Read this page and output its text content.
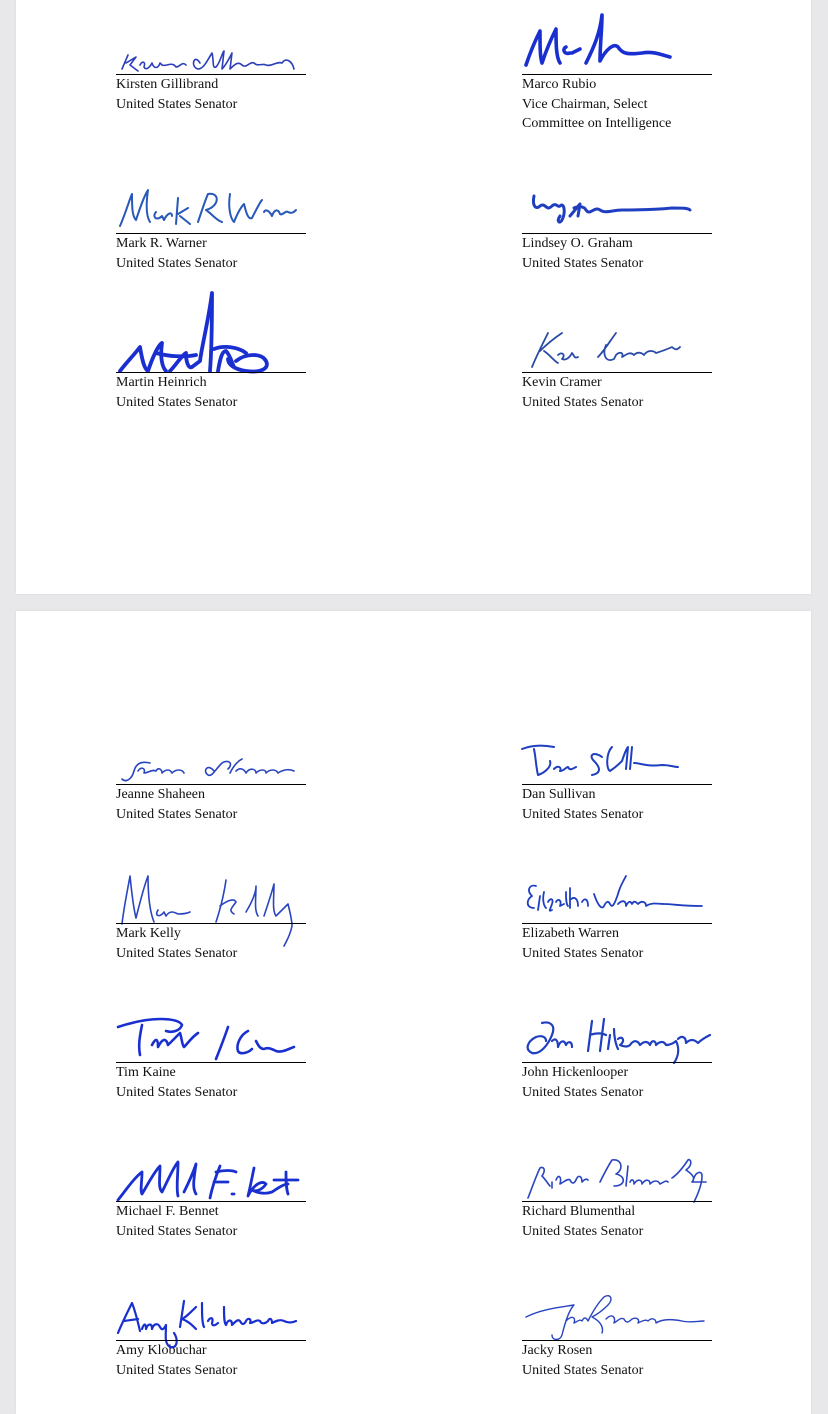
Kirsten Gillibrand
United States Senator
Marco Rubio
Vice Chairman, Select
Committee on Intelligence
Mark R. Warner
United States Senator
Lindsey O. Graham
United States Senator
Martin Heinrich
United States Senator
Kevin Cramer
United States Senator
Jeanne Shaheen
United States Senator
Dan Sullivan
United States Senator
Mark Kelly
United States Senator
Elizabeth Warren
United States Senator
Tim Kaine
United States Senator
John Hickenlooper
United States Senator
Michael F. Bennet
United States Senator
Richard Blumenthal
United States Senator
Amy Klobuchar
United States Senator
Jacky Rosen
United States Senator
